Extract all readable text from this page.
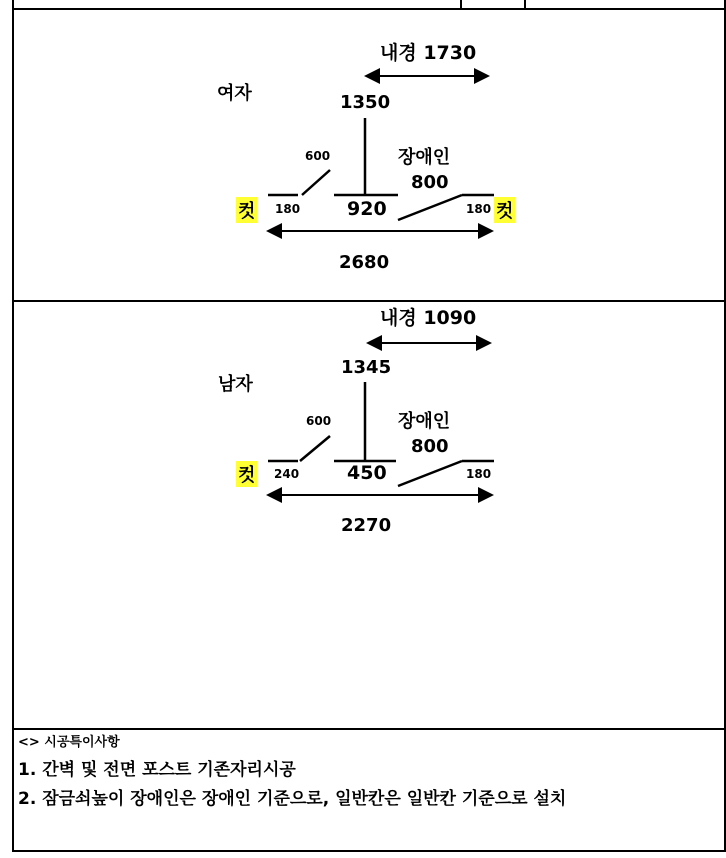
내경 1730
여자	1350
600	장애인
800
컷 180 920	180 컷
2680
내경 1090
1345
남자
장애인
600
800
컷 240	450	180
2270
<> 시공특이사항
1. 간벽 및 전면 포스트 기존자리시공
2. 잠금쇠높이 장애인은 장애인 기준으로, 일반칸은 일반칸 기준으로 설치
